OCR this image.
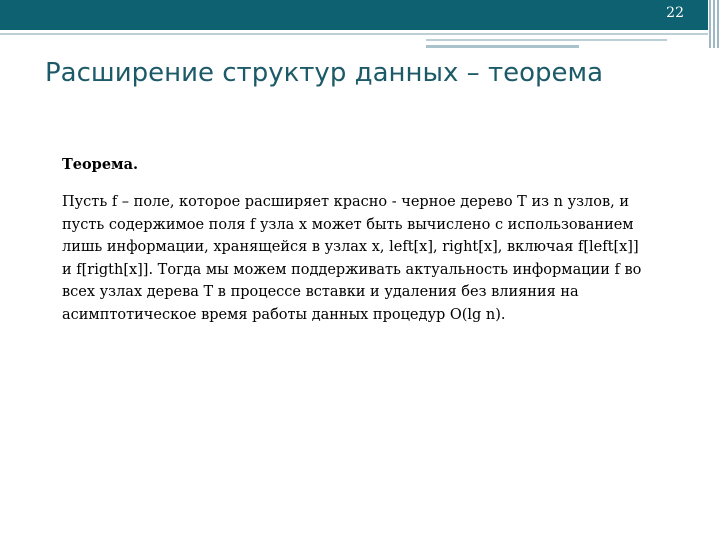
22
Расширение структур данных – теорема

Теорема.

Пусть f – поле, которое расширяет красно - черное дерево T из n узлов, и

пусть содержимое поля f узла x может быть вычислено с использованием

лишь информации, хранящейся в узлах x, left[x], right[x], включая f[left[x]]

и f[rigth[x]]. Тогда мы можем поддерживать актуальность информации f во

всех узлах дерева T в процессе вставки и удаления без влияния на

асимптотическое время работы данных процедур O(lg n).
